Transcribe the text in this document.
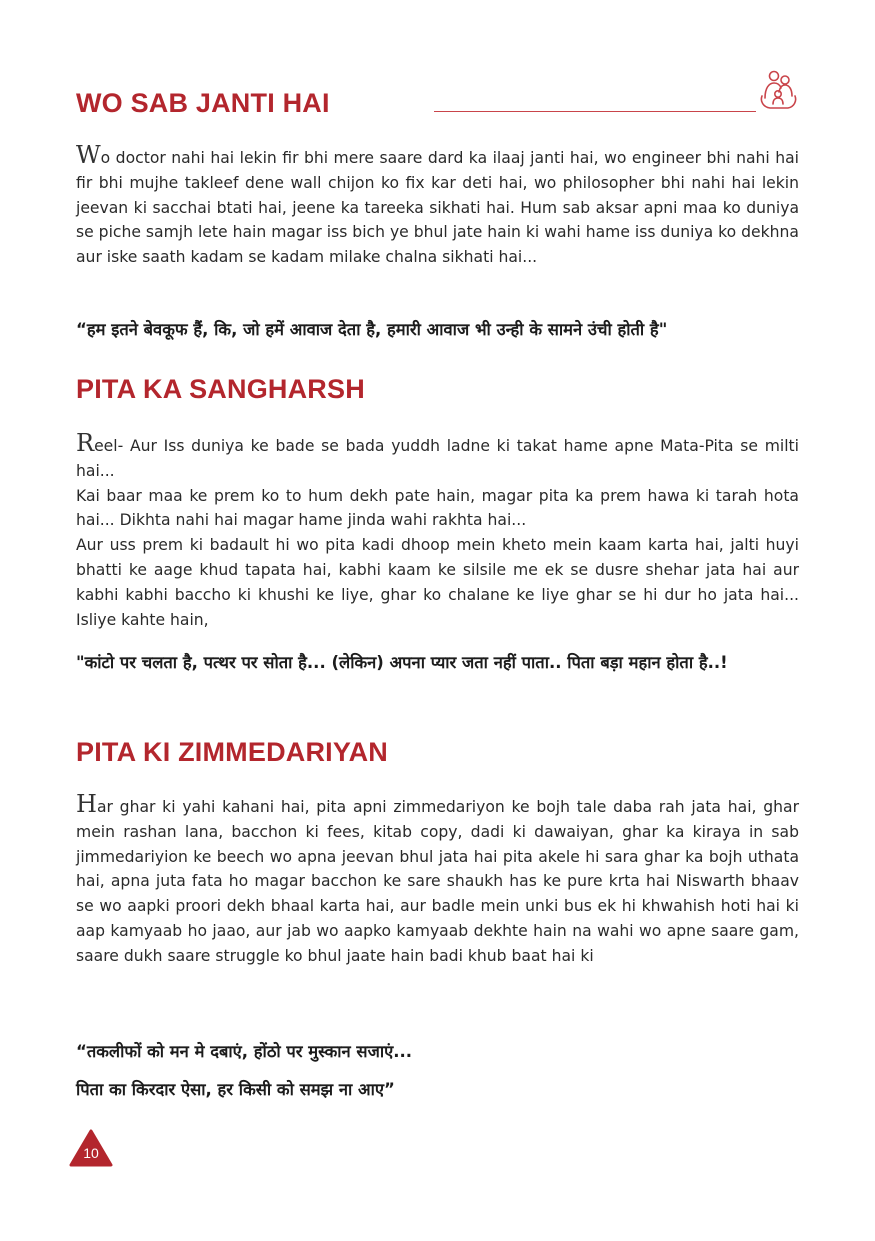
WO SAB JANTI HAI

Wo doctor nahi hai lekin fir bhi mere saare dard ka ilaaj janti hai, wo engineer bhi nahi hai fir bhi mujhe takleef dene wall chijon ko fix kar deti hai, wo philosopher bhi nahi hai lekin jeevan ki sacchai btati hai, jeene ka tareeka sikhati hai. Hum sab aksar apni maa ko duniya se piche samjh lete hain magar iss bich ye bhul jate hain ki wahi hame iss duniya ko dekhna aur iske saath kadam se kadam milake chalna sikhati hai...

“हम इतने बेवकूफ हैं, कि, जो हमें आवाज देता है, हमारी आवाज भी उन्ही के सामने उंची होती है"

PITA KA SANGHARSH

Reel- Aur Iss duniya ke bade se bada yuddh ladne ki takat hame apne Mata-Pita se milti hai...
Kai baar maa ke prem ko to hum dekh pate hain, magar pita ka prem hawa ki tarah hota hai... Dikhta nahi hai magar hame jinda wahi rakhta hai...
Aur uss prem ki badault hi wo pita kadi dhoop mein kheto mein kaam karta hai, jalti huyi bhatti ke aage khud tapata hai, kabhi kaam ke silsile me ek se dusre shehar jata hai aur kabhi kabhi baccho ki khushi ke liye, ghar ko chalane ke liye ghar se hi dur ho jata hai... Isliye kahte hain,

"कांटो पर चलता है, पत्थर पर सोता है... (लेकिन) अपना प्यार जता नहीं पाता.. पिता बड़ा महान होता है..!

PITA KI ZIMMEDARIYAN

Har ghar ki yahi kahani hai, pita apni zimmedariyon ke bojh tale daba rah jata hai, ghar mein rashan lana, bacchon ki fees, kitab copy, dadi ki dawaiyan, ghar ka kiraya in sab jimmedariyion ke beech wo apna jeevan bhul jata hai pita akele hi sara ghar ka bojh uthata hai, apna juta fata ho magar bacchon ke sare shaukh has ke pure krta hai Niswarth bhaav se wo aapki proori dekh bhaal karta hai, aur badle mein unki bus ek hi khwahish hoti hai ki aap kamyaab ho jaao, aur jab wo aapko kamyaab dekhte hain na wahi wo apne saare gam, saare dukh saare struggle ko bhul jaate hain badi khub baat hai ki

“तकलीफों को मन मे दबाएं, होंठो पर मुस्कान सजाएं...

पिता का किरदार ऐसा, हर किसी को समझ ना आए”

10
